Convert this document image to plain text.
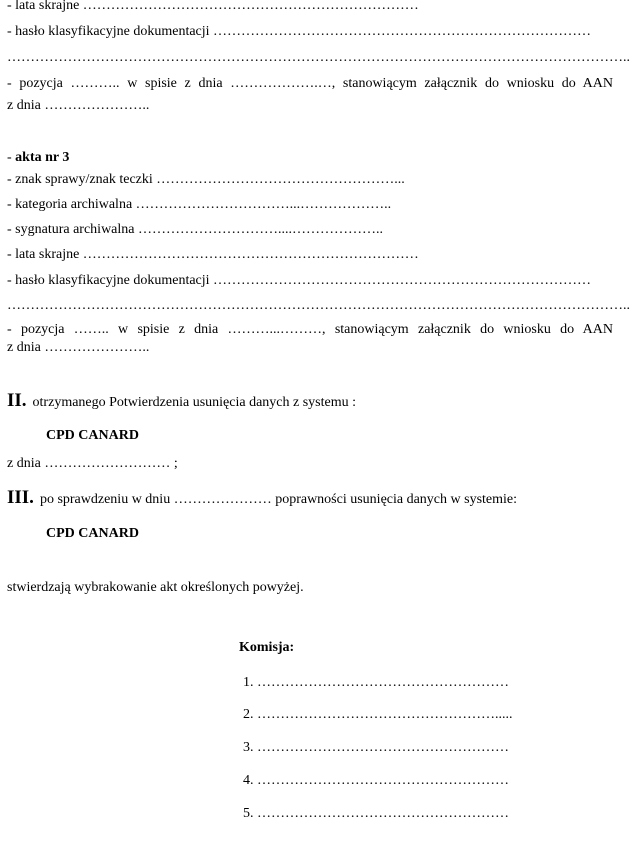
- lata skrajne ………………………………………………………………
- hasło klasyfikacyjne dokumentacji ………………………………………………………………………
……………………………………………………………………………………………………………………..
- pozycja ……….. w spisie z dnia ……………….…, stanowiącym załącznik do wniosku do AAN
z dnia …………………..
- akta nr 3
- znak sprawy/znak teczki ……………………………………………...
- kategoria archiwalna ……………………………...………………..
- sygnatura archiwalna …………………………....………………..
- lata skrajne ………………………………………………………………
- hasło klasyfikacyjne dokumentacji ………………………………………………………………………
……………………………………………………………………………………………………………………..
- pozycja …….. w spisie z dnia ………...………, stanowiącym załącznik do wniosku do AAN
z dnia …………………..
II. otrzymanego Potwierdzenia usunięcia danych z systemu :
CPD CANARD
z dnia ……………………… ;
III. po sprawdzeniu w dniu ………………… poprawności usunięcia danych w systemie:
CPD CANARD
stwierdzają wybrakowanie akt określonych powyżej.
Komisja:
1. ………………………………………………
2. …………………………………………….....
3. ………………………………………………
4. ………………………………………………
5. ………………………………………………
